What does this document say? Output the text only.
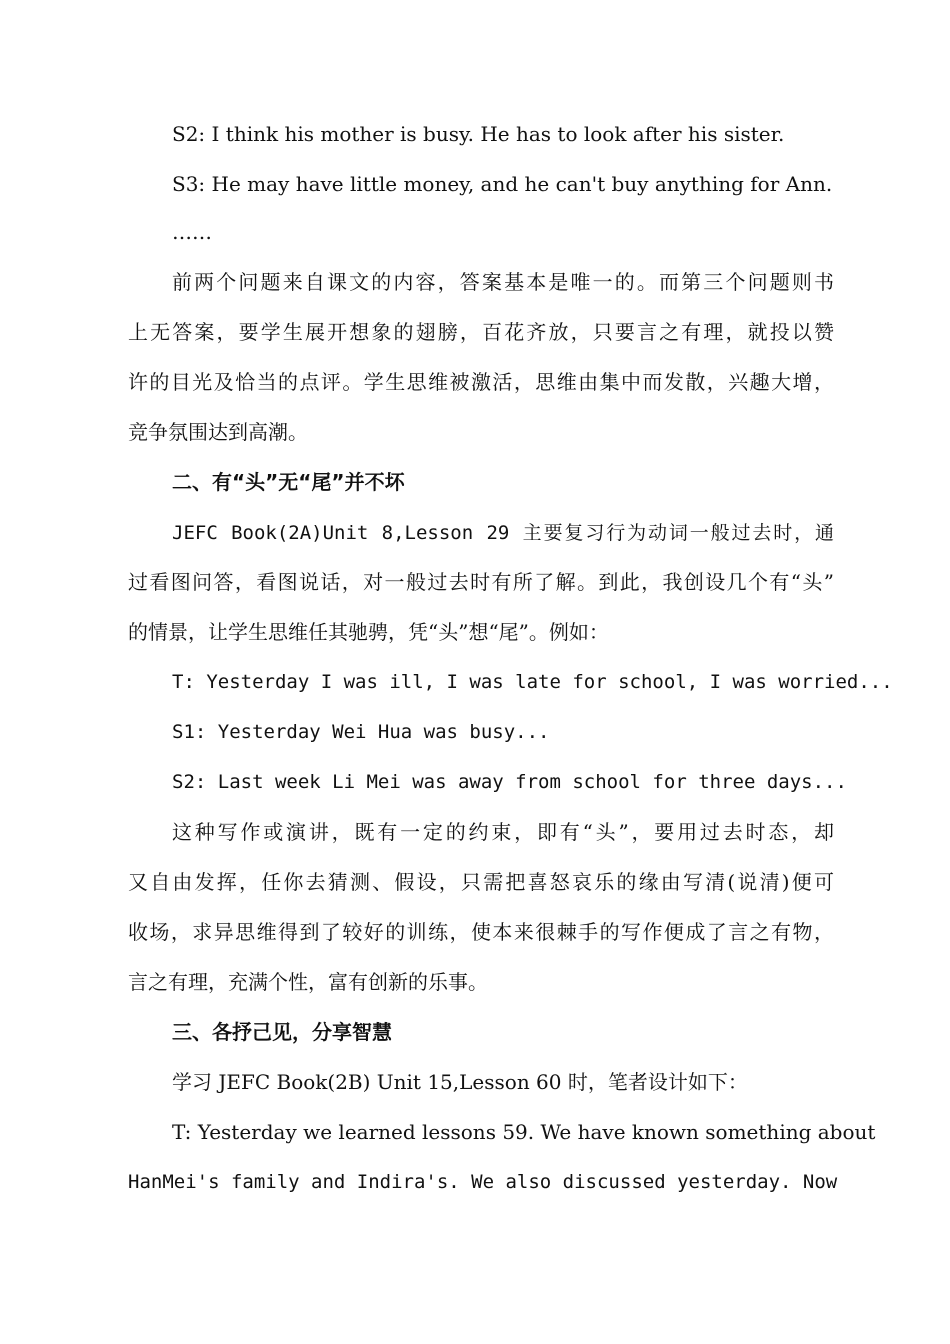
S2: I think his mother is busy. He has to look after his sister.
S3: He may have little money, and he can't buy anything for Ann.
……
前两个问题来自课文的内容，答案基本是唯一的。而第三个问题则书
上无答案，要学生展开想象的翅膀，百花齐放，只要言之有理，就投以赞
许的目光及恰当的点评。学生思维被激活，思维由集中而发散，兴趣大增，
竞争氛围达到高潮。
二、有“头”无“尾”并不坏
JEFC Book(2A)Unit 8,Lesson 29 主要复习行为动词一般过去时，通
过看图问答，看图说话，对一般过去时有所了解。到此，我创设几个有“头”
的情景，让学生思维任其驰骋，凭“头”想“尾”。例如：
T: Yesterday I was ill, I was late for school, I was worried...
S1: Yesterday Wei Hua was busy...
S2: Last week Li Mei was away from school for three days...
这种写作或演讲，既有一定的约束，即有“头”，要用过去时态，却
又自由发挥，任你去猜测、假设，只需把喜怒哀乐的缘由写清(说清)便可
收场，求异思维得到了较好的训练，使本来很棘手的写作便成了言之有物，
言之有理，充满个性，富有创新的乐事。
三、各抒己见，分享智慧
学习 JEFC Book(2B) Unit 15,Lesson 60 时，笔者设计如下：
T: Yesterday we learned lessons 59. We have known something about
HanMei's family and Indira's. We also discussed yesterday. Now
